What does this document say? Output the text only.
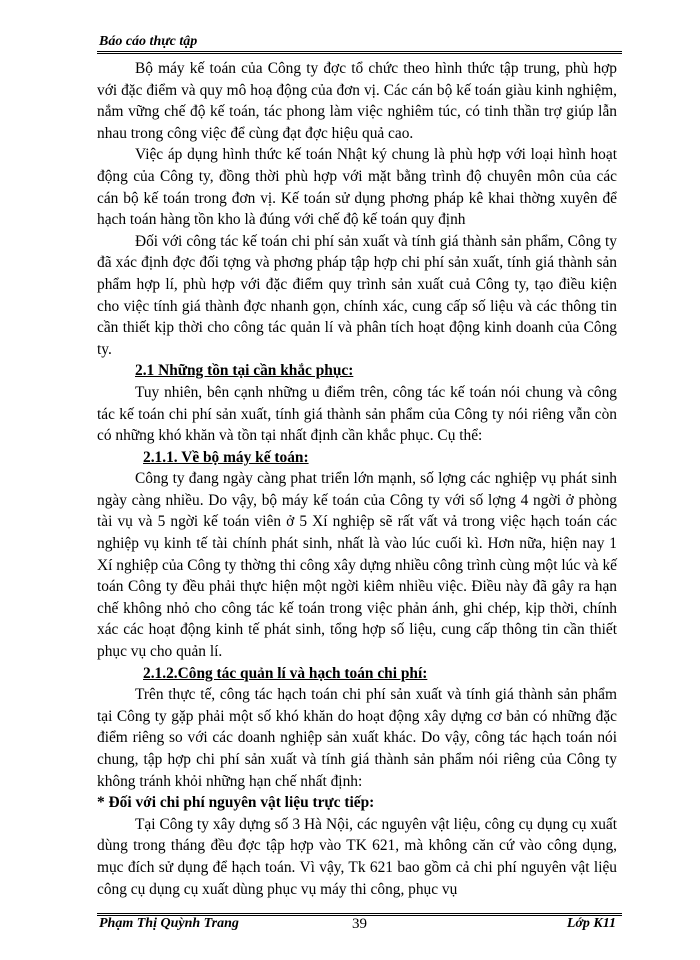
Báo cáo thực tập

Bộ máy kế toán của Công ty đợc tổ chức theo hình thức tập trung, phù hợp với đặc điểm và quy mô hoạ động của đơn vị. Các cán bộ kế toán giàu kinh nghiệm, nắm vững chế độ kế toán, tác phong làm việc nghiêm túc, có tinh thần trợ giúp lẫn nhau trong công việc để cùng đạt đợc hiệu quả cao.

Việc áp dụng hình thức kế toán Nhật ký chung là phù hợp với loại hình hoạt động của Công ty, đồng thời phù hợp với mặt bằng trình độ chuyên môn của các cán bộ kế toán trong đơn vị. Kế toán sử dụng phơng pháp kê khai thờng xuyên để hạch toán hàng tồn kho là đúng với chế độ kế toán quy định

Đối với công tác kế toán chi phí sản xuất và tính giá thành sản phẩm, Công ty đã xác định đợc đối tợng và phơng pháp tập hợp chi phí sản xuất, tính giá thành sản phẩm hợp lí, phù hợp với đặc điểm quy trình sản xuất cuả Công ty, tạo điều kiện cho việc tính giá thành đợc nhanh gọn, chính xác, cung cấp số liệu và các thông tin cần thiết kịp thời cho công tác quản lí và phân tích hoạt động kinh doanh của Công ty.

2.1 Những tồn tại cần khắc phục:

Tuy nhiên, bên cạnh những u điểm trên, công tác kế toán nói chung và công tác kế toán chi phí sản xuất, tính giá thành sản phẩm của Công ty nói riêng vẫn còn có những khó khăn và tồn tại nhất định cần khắc phục. Cụ thể:

2.1.1. Về bộ máy kế toán:

Công ty đang ngày càng phat triển lớn mạnh, số lợng các nghiệp vụ phát sinh ngày càng nhiều. Do vậy, bộ máy kế toán của Công ty với số lợng 4 ngời ở phòng tài vụ và 5 ngời kế toán viên ở 5 Xí nghiệp sẽ rất vất vả trong việc hạch toán các nghiệp vụ kinh tế tài chính phát sinh, nhất là vào lúc cuối kì. Hơn nữa, hiện nay 1 Xí nghiệp của Công ty thờng thi công xây dựng nhiều công trình cùng một lúc và kế toán Công ty đều phải thực hiện một ngời kiêm nhiều việc. Điều này đã gây ra hạn chế không nhỏ cho công tác kế toán trong việc phản ánh, ghi chép, kịp thời, chính xác các hoạt động kinh tế phát sinh, tổng hợp số liệu, cung cấp thông tin cần thiết phục vụ cho quản lí.

2.1.2.Công tác quản lí và hạch toán chi phí:

Trên thực tế, công tác hạch toán chi phí sản xuất và tính giá thành sản phẩm tại Công ty gặp phải một số khó khăn do hoạt động xây dựng cơ bản có những đặc điểm riêng so với các doanh nghiệp sản xuất khác. Do vậy, công tác hạch toán nói chung, tập hợp chi phí sản xuất và tính giá thành sản phẩm nói riêng của Công ty không tránh khỏi những hạn chế nhất định:

* Đối với chi phí nguyên vật liệu trực tiếp:

Tại Công ty xây dựng số 3 Hà Nội, các nguyên vật liệu, công cụ dụng cụ xuất dùng trong tháng đều đợc tập hợp vào TK 621, mà không căn cứ vào công dụng, mục đích sử dụng để hạch toán. Vì vậy, Tk 621 bao gồm cả chi phí nguyên vật liệu công cụ dụng cụ xuất dùng phục vụ máy thi công, phục vụ

Phạm Thị Quỳnh Trang	39	Lớp K11
